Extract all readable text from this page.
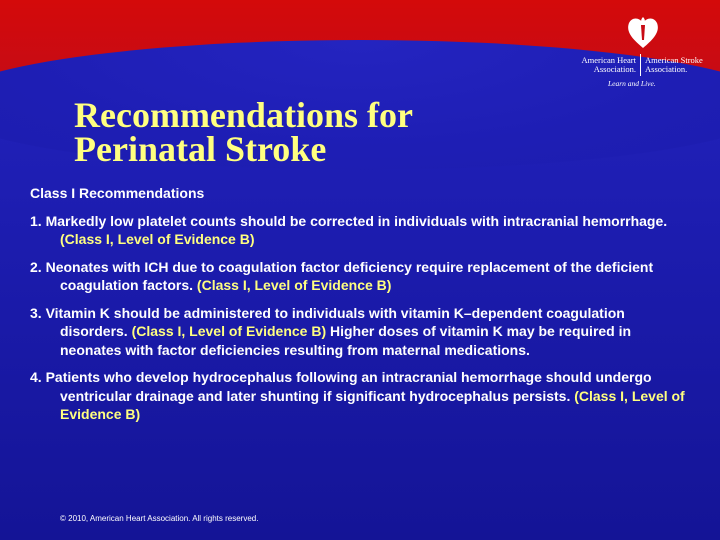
American Heart
Association.
American Stroke
Association.
Learn and Live.
Recommendations for
Perinatal Stroke
Class I Recommendations
1. Markedly low platelet counts should be corrected in individuals with intracranial hemorrhage. (Class I, Level of Evidence B)
2. Neonates with ICH due to coagulation factor deficiency require replacement of the deficient coagulation factors. (Class I, Level of Evidence B)
3. Vitamin K should be administered to individuals with vitamin K–dependent coagulation disorders. (Class I, Level of Evidence B) Higher doses of vitamin K may be required in neonates with factor deficiencies resulting from maternal medications.
4. Patients who develop hydrocephalus following an intracranial hemorrhage should undergo ventricular drainage and later shunting if significant hydrocephalus persists. (Class I, Level of Evidence B)
© 2010, American Heart Association. All rights reserved.
